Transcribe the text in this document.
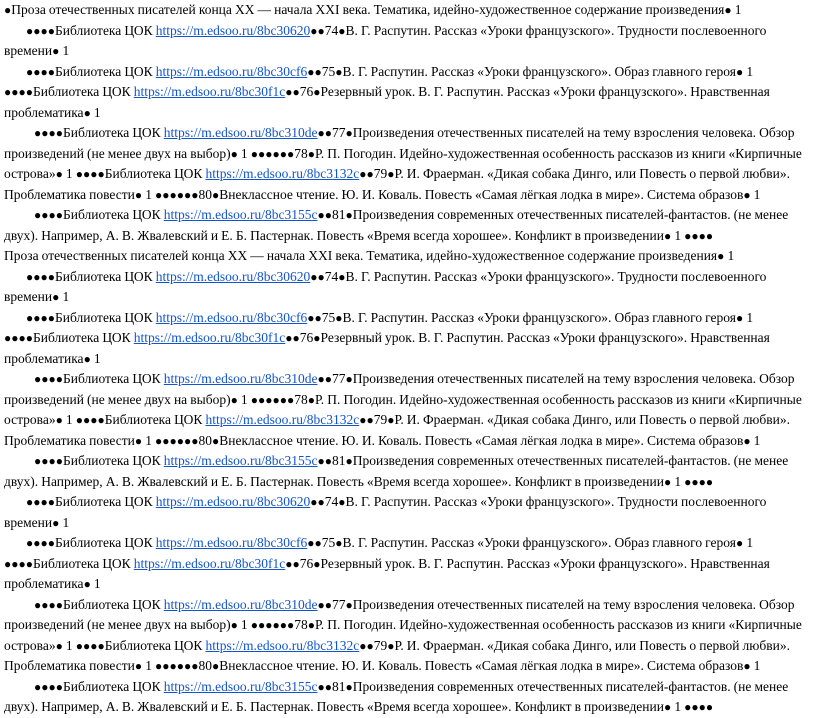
●Проза отечественных писателей конца XX — начала XXI века. Тематика, идейно-художественное содержание произведения● 1

●●●●Библиотека ЦОК https://m.edsoo.ru/8bc30620●●74●В. Г. Распутин. Рассказ «Уроки французского». Трудности послевоенного времени● 1

●●●●Библиотека ЦОК https://m.edsoo.ru/8bc30cf6●●75●В. Г. Распутин. Рассказ «Уроки французского». Образ главного героя● 1 ●●●●Библиотека ЦОК https://m.edsoo.ru/8bc30f1c●●76●Резервный урок. В. Г. Распутин. Рассказ «Уроки французского». Нравственная проблематика● 1

●●●●Библиотека ЦОК https://m.edsoo.ru/8bc310de●●77●Произведения отечественных писателей на тему взросления человека. Обзор произведений (не менее двух на выбор)● 1 ●●●●●●78●Р. П. Погодин. Идейно-художественная особенность рассказов из книги «Кирпичные острова»● 1 ●●●●Библиотека ЦОК https://m.edsoo.ru/8bc3132c●●79●Р. И. Фраерман. «Дикая собака Динго, или Повесть о первой любви». Проблематика повести● 1 ●●●●●●80●Внеклассное чтение. Ю. И. Коваль. Повесть «Самая лёгкая лодка в мире». Система образов● 1

●●●●Библиотека ЦОК https://m.edsoo.ru/8bc3155c●●81●Произведения современных отечественных писателей-фантастов. (не менее двух). Например, А. В. Жвалевский и Е. Б. Пастернак. Повесть «Время всегда хорошее». Конфликт в произведении● 1 ●●●●

Проза отечественных писателей конца XX — начала XXI века. Тематика, идейно-художественное содержание произведения● 1

●●●●Библиотека ЦОК https://m.edsoo.ru/8bc30620●●74●В. Г. Распутин. Рассказ «Уроки французского». Трудности послевоенного времени● 1

●●●●Библиотека ЦОК https://m.edsoo.ru/8bc30cf6●●75●В. Г. Распутин. Рассказ «Уроки французского». Образ главного героя● 1 ●●●●Библиотека ЦОК https://m.edsoo.ru/8bc30f1c●●76●Резервный урок. В. Г. Распутин. Рассказ «Уроки французского». Нравственная проблематика● 1

●●●●Библиотека ЦОК https://m.edsoo.ru/8bc310de●●77●Произведения отечественных писателей на тему взросления человека. Обзор произведений (не менее двух на выбор)● 1 ●●●●●●78●Р. П. Погодин. Идейно-художественная особенность рассказов из книги «Кирпичные острова»● 1 ●●●●Библиотека ЦОК https://m.edsoo.ru/8bc3132c●●79●Р. И. Фраерман. «Дикая собака Динго, или Повесть о первой любви». Проблематика повести● 1 ●●●●●●80●Внеклассное чтение. Ю. И. Коваль. Повесть «Самая лёгкая лодка в мире». Система образов● 1

●●●●Библиотека ЦОК https://m.edsoo.ru/8bc3155c●●81●Произведения современных отечественных писателей-фантастов. (не менее двух). Например, А. В. Жвалевский и Е. Б. Пастернак. Повесть «Время всегда хорошее». Конфликт в произведении● 1 ●●●●

●●●●Библиотека ЦОК https://m.edsoo.ru/8bc30620●●74●В. Г. Распутин. Рассказ «Уроки французского». Трудности послевоенного времени● 1

●●●●Библиотека ЦОК https://m.edsoo.ru/8bc30cf6●●75●В. Г. Распутин. Рассказ «Уроки французского». Образ главного героя● 1 ●●●●Библиотека ЦОК https://m.edsoo.ru/8bc30f1c●●76●Резервный урок. В. Г. Распутин. Рассказ «Уроки французского». Нравственная проблематика● 1

●●●●Библиотека ЦОК https://m.edsoo.ru/8bc310de●●77●Произведения отечественных писателей на тему взросления человека. Обзор произведений (не менее двух на выбор)● 1 ●●●●●●78●Р. П. Погодин. Идейно-художественная особенность рассказов из книги «Кирпичные острова»● 1 ●●●●Библиотека ЦОК https://m.edsoo.ru/8bc3132c●●79●Р. И. Фраерман. «Дикая собака Динго, или Повесть о первой любви». Проблематика повести● 1 ●●●●●●80●Внеклассное чтение. Ю. И. Коваль. Повесть «Самая лёгкая лодка в мире». Система образов● 1

●●●●Библиотека ЦОК https://m.edsoo.ru/8bc3155c●●81●Произведения современных отечественных писателей-фантастов. (не менее двух). Например, А. В. Жвалевский и Е. Б. Пастернак. Повесть «Время всегда хорошее». Конфликт в произведении● 1 ●●●●
